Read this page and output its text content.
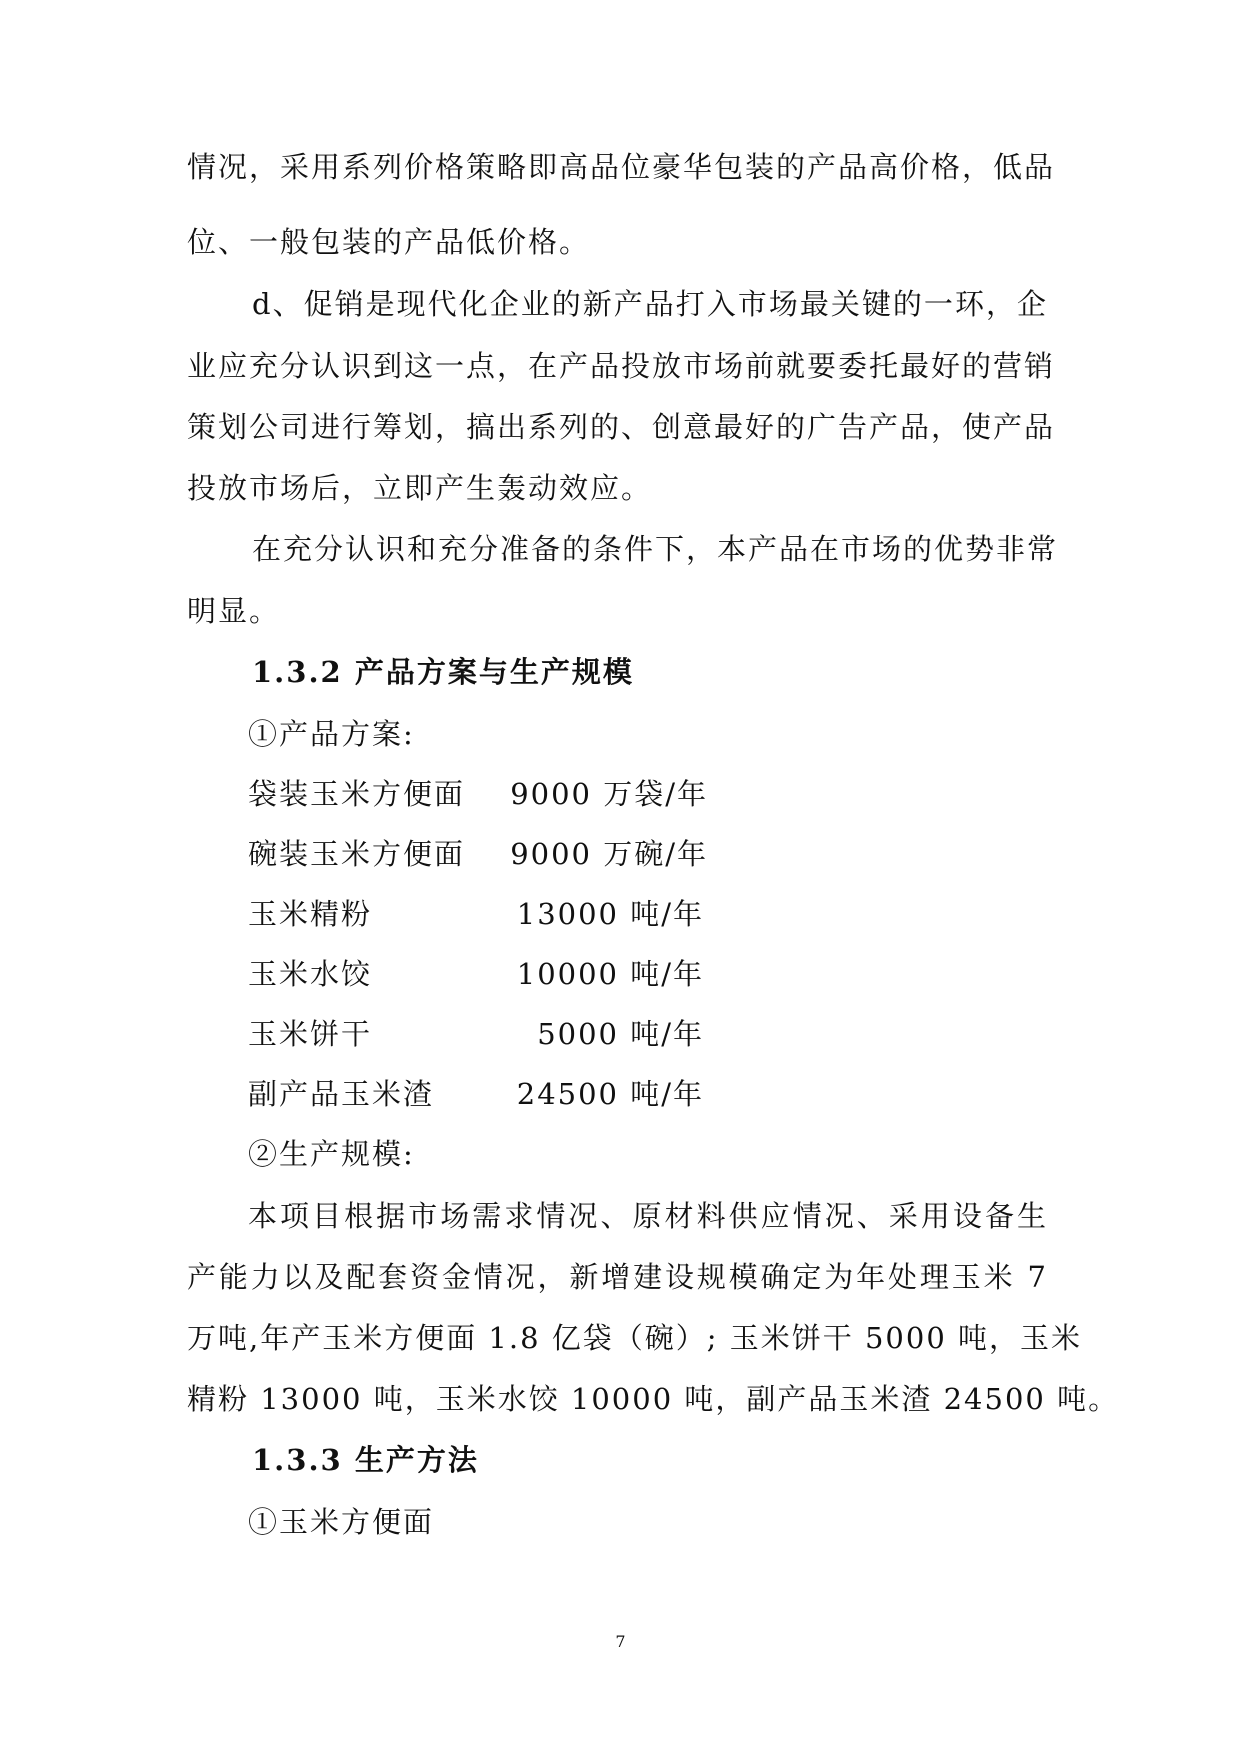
情况，采用系列价格策略即高品位豪华包装的产品高价格，低品
位、一般包装的产品低价格。
d、促销是现代化企业的新产品打入市场最关键的一环，企
业应充分认识到这一点，在产品投放市场前就要委托最好的营销
策划公司进行筹划，搞出系列的、创意最好的广告产品，使产品
投放市场后，立即产生轰动效应。
在充分认识和充分准备的条件下，本产品在市场的优势非常
明显。
1.3.2 产品方案与生产规模
①产品方案:
袋装玉米方便面 9000 万袋/年
碗装玉米方便面 9000 万碗/年
玉米精粉	13000 吨/年
玉米水饺	10000 吨/年
玉米饼干	5000 吨/年
副产品玉米渣	24500 吨/年
②生产规模:
本项目根据市场需求情况、原材料供应情况、采用设备生
产能力以及配套资金情况，新增建设规模确定为年处理玉米 7
万吨,年产玉米方便面 1.8 亿袋（碗）; 玉米饼干 5000 吨，玉米
精粉 13000 吨，玉米水饺 10000 吨，副产品玉米渣 24500 吨。
1.3.3 生产方法
①玉米方便面
7
